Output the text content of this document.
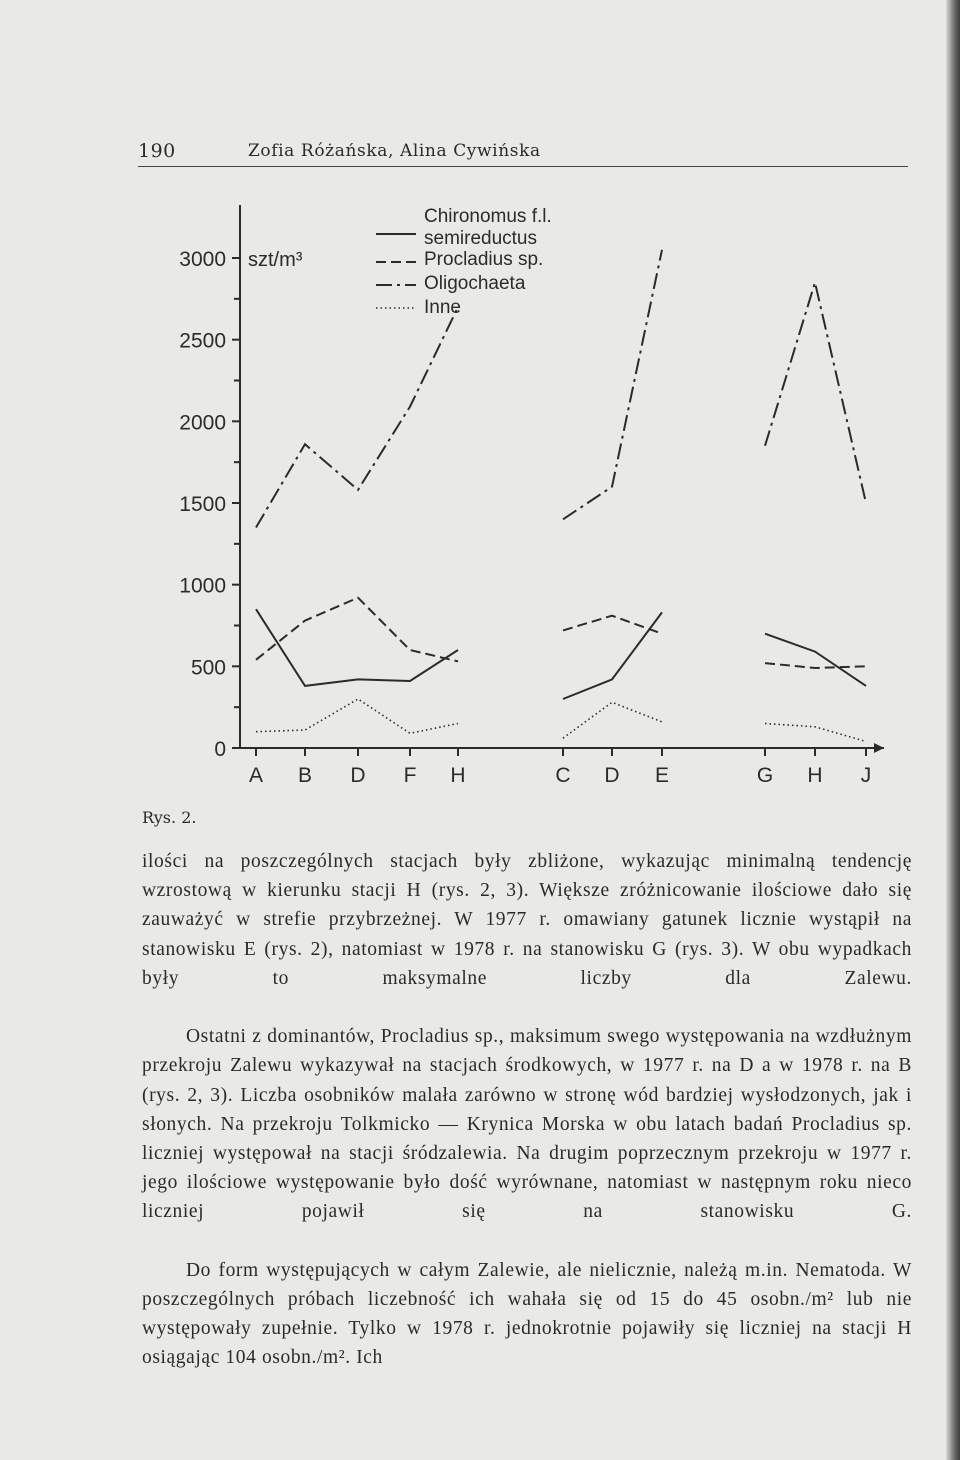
190	Zofia Różańska, Alina Cywińska
0
500
1000
1500
2000
2500
3000 szt/m³
A B D F H	C D E	G H J
Chironomus f.l.
Procladius sp.
Oligochaeta
Inne
semireductus
Rys. 2.

ilości na poszczególnych stacjach były zbliżone, wykazując minimalną tendencję wzrostową w kierunku stacji H (rys. 2, 3). Większe zróżnicowanie ilościowe dało się zauważyć w strefie przybrzeżnej. W 1977 r. omawiany gatunek licznie wystąpił na stanowisku E (rys. 2), natomiast w 1978 r. na stanowisku G (rys. 3). W obu wypadkach były to maksymalne liczby dla Zalewu.

Ostatni z dominantów, Procladius sp., maksimum swego występowania na wzdłużnym przekroju Zalewu wykazywał na stacjach środkowych, w 1977 r. na D a w 1978 r. na B (rys. 2, 3). Liczba osobników malała zarówno w stronę wód bardziej wysłodzonych, jak i słonych. Na przekroju Tolkmicko — Krynica Morska w obu latach badań Procladius sp. liczniej występował na stacji śródzalewia. Na drugim poprzecznym przekroju w 1977 r. jego ilościowe występowanie było dość wyrównane, natomiast w następnym roku nieco liczniej pojawił się na stanowisku G.

Do form występujących w całym Zalewie, ale nielicznie, należą m.in. Nematoda. W poszczególnych próbach liczebność ich wahała się od 15 do 45 osobn./m² lub nie występowały zupełnie. Tylko w 1978 r. jednokrotnie pojawiły się liczniej na stacji H osiągając 104 osobn./m². Ich
